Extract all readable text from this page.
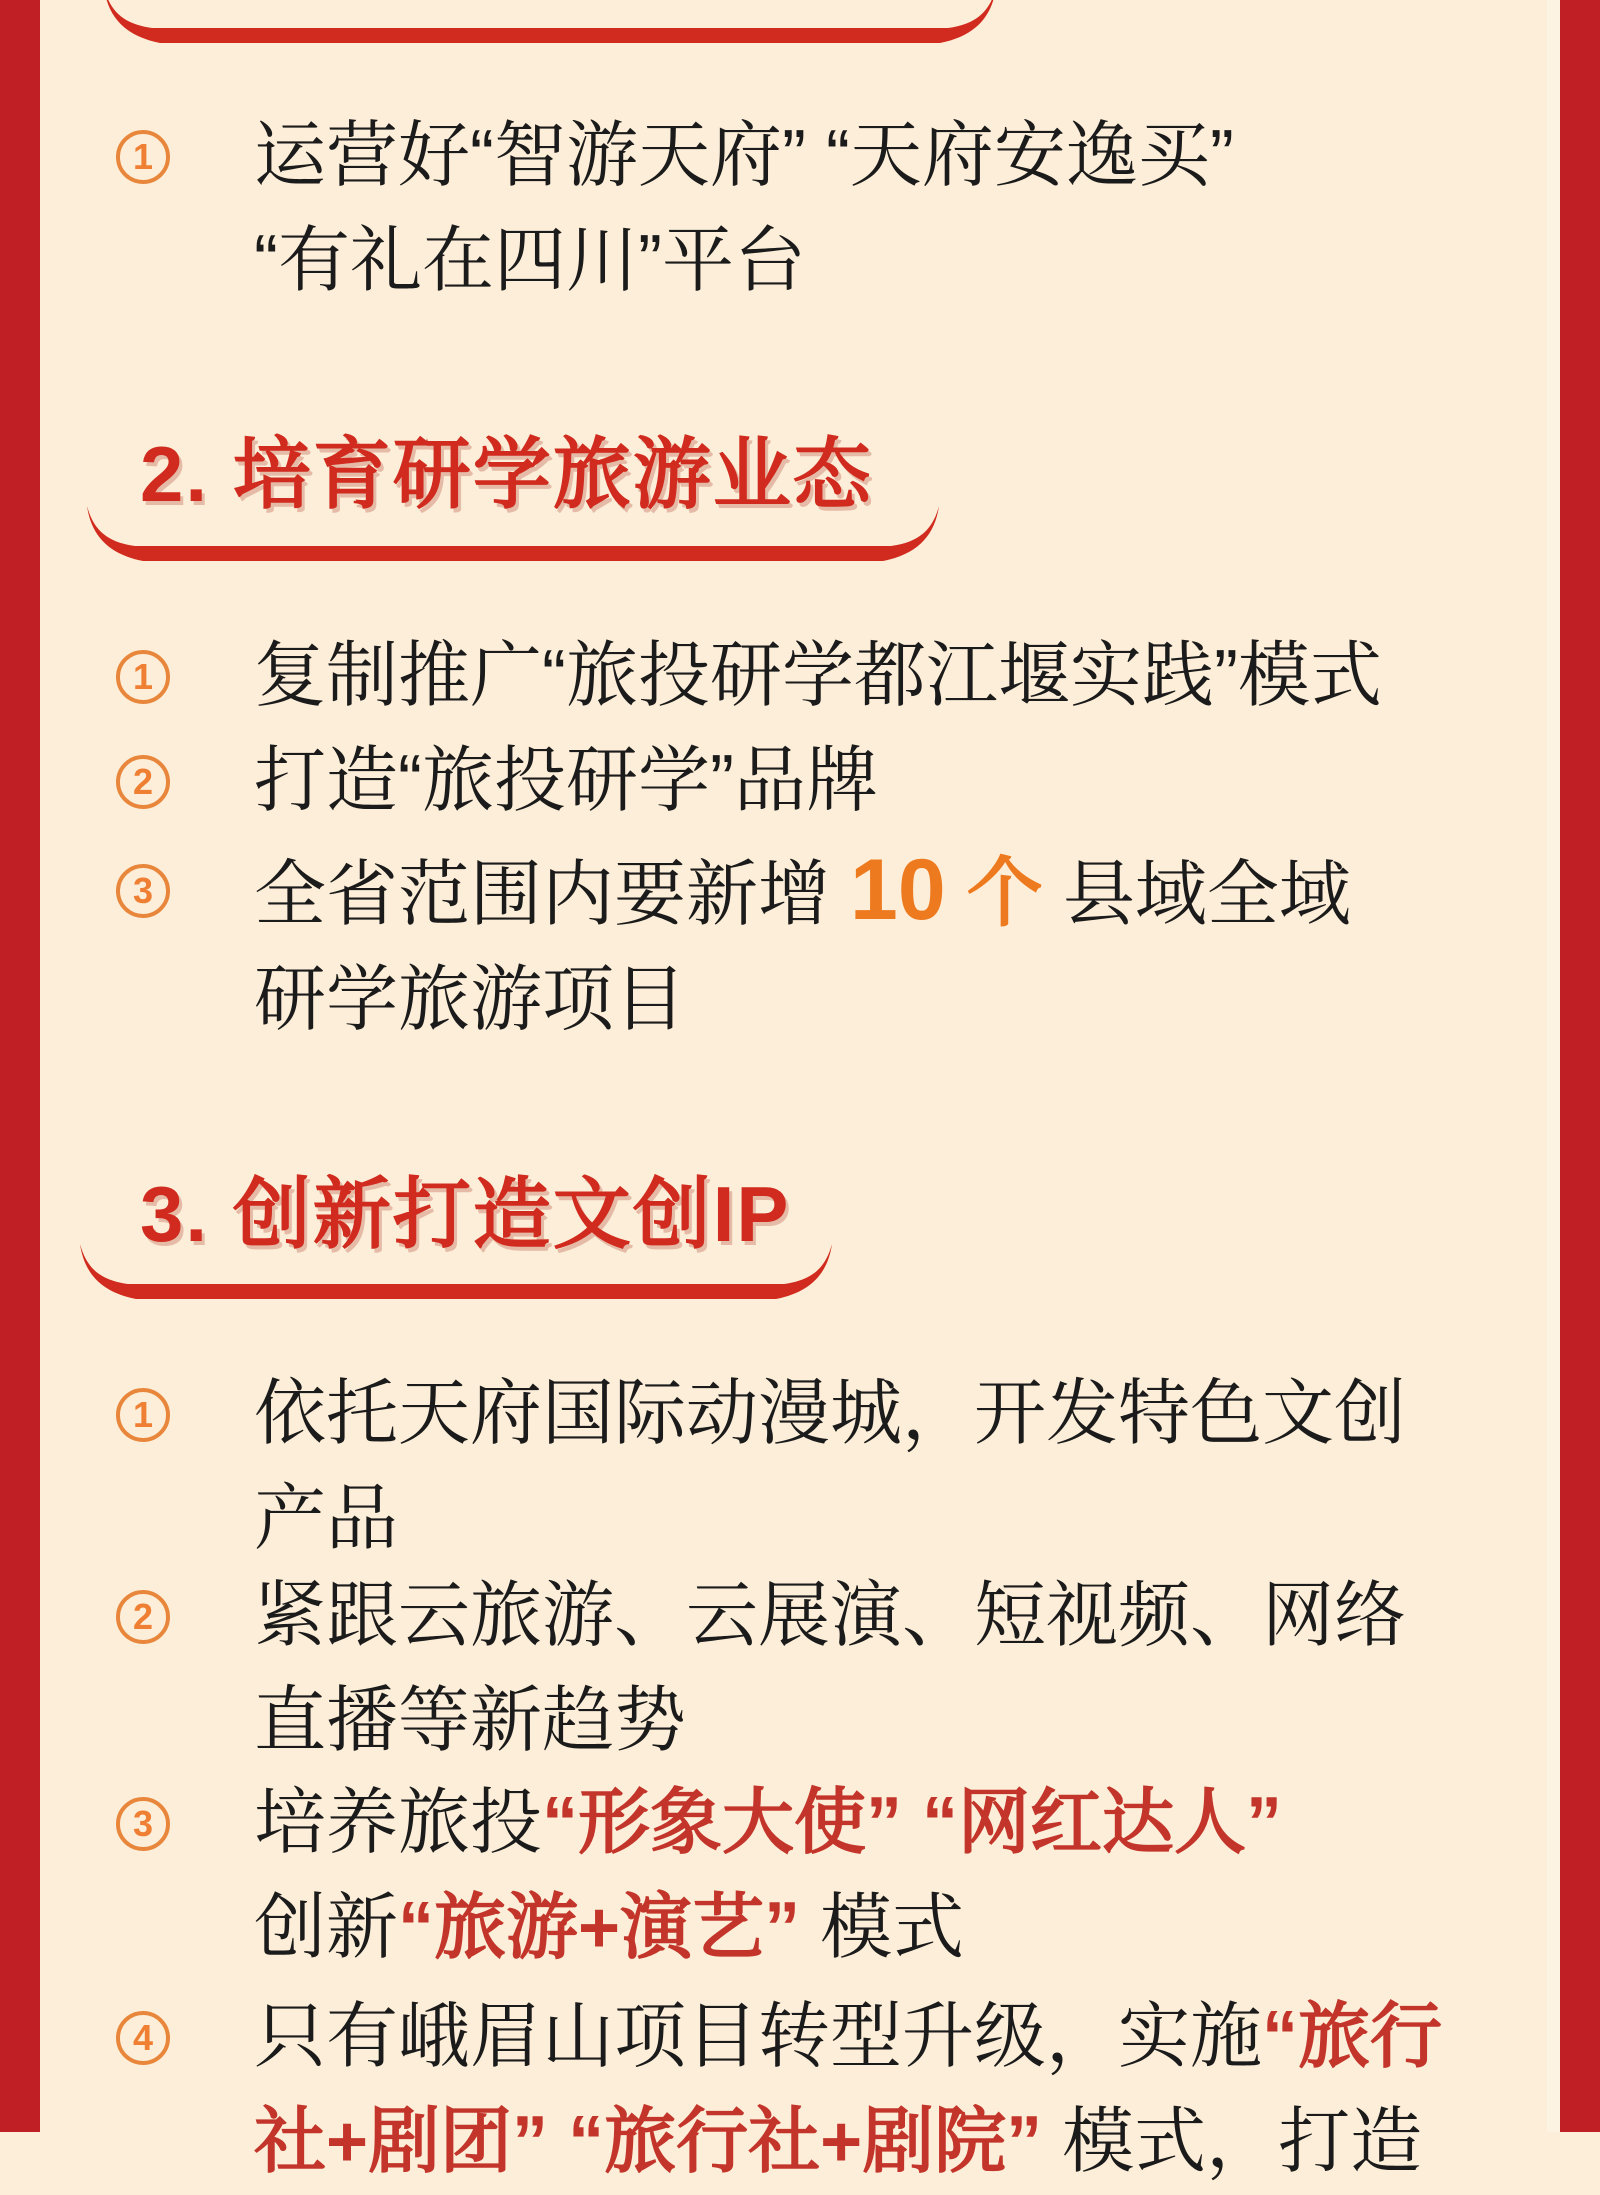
1 运营好“智游天府” “天府安逸买”
“有礼在四川”平台
2. 培育研学旅游业态
1 复制推广“旅投研学都江堰实践”模式
2 打造“旅投研学”品牌
3 全省范围内要新增 10 个 县域全域
研学旅游项目
3. 创新打造文创IP
1 依托天府国际动漫城，开发特色文创
产品
2 紧跟云旅游、云展演、短视频、网络
直播等新趋势
3 培养旅投“形象大使” “网红达人”
创新“旅游+演艺” 模式
4 只有峨眉山项目转型升级，实施“旅行
社+剧团” “旅行社+剧院” 模式，打造
